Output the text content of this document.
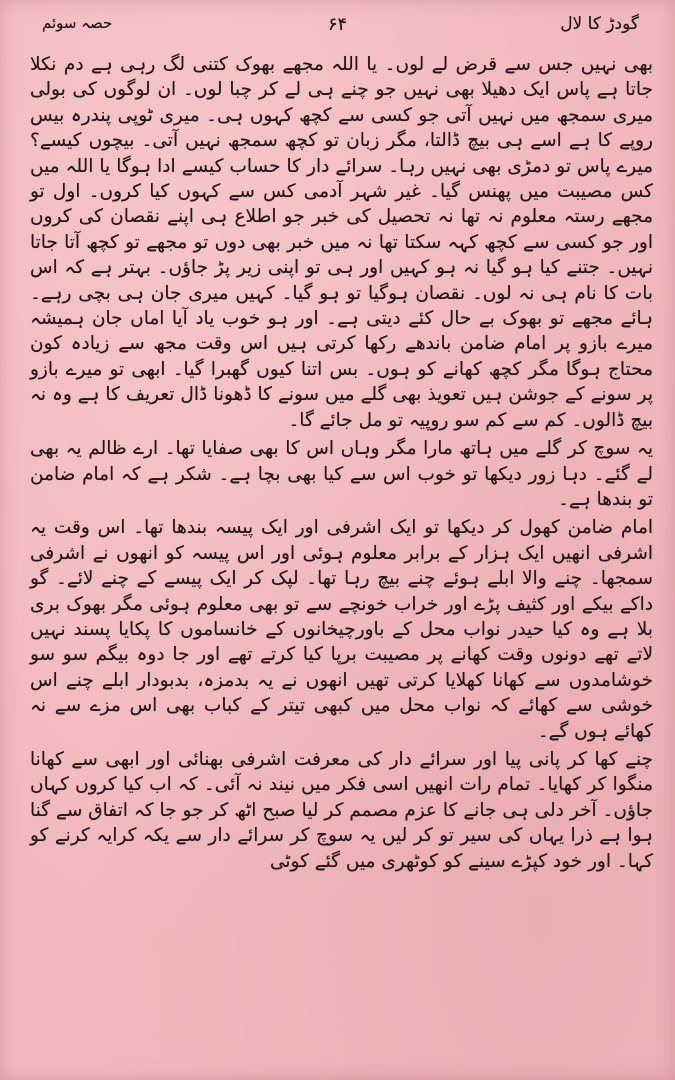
گودڑ کا لال
۶۴
حصہ سوئم

بھی نہیں جس سے قرض لے لوں۔ یا اللہ مجھے بھوک کتنی لگ رہی ہے دم نکلا جاتا ہے پاس ایک دھیلا بھی نہیں جو چنے ہی لے کر چبا لوں۔ ان لوگوں کی بولی میری سمجھ میں نہیں آتی جو کسی سے کچھ کہوں ہی۔ میری ٹوپی پندرہ بیس روپے کا ہے اسے ہی بیچ ڈالتا، مگر زبان تو کچھ سمجھ نہیں آتی۔ بیچوں کیسے؟ میرے پاس تو دمڑی بھی نہیں رہا۔ سرائے دار کا حساب کیسے ادا ہوگا یا اللہ میں کس مصیبت میں پھنس گیا۔ غیر شہر آدمی کس سے کہوں کیا کروں۔ اول تو مجھے رستہ معلوم نہ تھا نہ تحصیل کی خبر جو اطلاع ہی اپنے نقصان کی کروں اور جو کسی سے کچھ کہہ سکتا تھا نہ میں خبر بھی دوں تو مجھے تو کچھ آتا جاتا نہیں۔ جتنے کیا ہو گیا نہ ہو کہیں اور ہی تو اپنی زیر پڑ جاؤں۔ بہتر ہے کہ اس بات کا نام ہی نہ لوں۔ نقصان ہوگیا تو ہو گیا۔ کہیں میری جان ہی بچی رہے۔ ہائے مجھے تو بھوک بے حال کئے دیتی ہے۔ اور ہو خوب یاد آیا اماں جان ہمیشہ میرے بازو پر امام ضامن باندھے رکھا کرتی ہیں اس وقت مجھ سے زیادہ کون محتاج ہوگا مگر کچھ کھانے کو ہوں۔ بس اتنا کیوں گھبرا گیا۔ ابھی تو میرے بازو پر سونے کے جوشن ہیں تعویذ بھی گلے میں سونے کا ڈھونا ڈال تعریف کا ہے وہ نہ بیچ ڈالوں۔ کم سے کم سو روپیہ تو مل جائے گا۔

یہ سوچ کر گلے میں ہاتھ مارا مگر وہاں اس کا بھی صفایا تھا۔ ارے ظالم یہ بھی لے گئے۔ دہا زور دیکھا تو خوب اس سے کیا بھی بچا ہے۔ شکر ہے کہ امام ضامن تو بندھا ہے۔

امام ضامن کھول کر دیکھا تو ایک اشرفی اور ایک پیسہ بندھا تھا۔ اس وقت یہ اشرفی انھیں ایک ہزار کے برابر معلوم ہوئی اور اس پیسہ کو انھوں نے اشرفی سمجھا۔ چنے والا ابلے ہوئے چنے بیچ رہا تھا۔ لپک کر ایک پیسے کے چنے لائے۔ گو داکے بیکے اور کثیف پڑے اور خراب خونچے سے تو بھی معلوم ہوئی مگر بھوک بری بلا ہے وہ کیا حیدر نواب محل کے باورچیخانوں کے خانساموں کا پکایا پسند نہیں لاتے تھے دونوں وقت کھانے پر مصیبت برپا کیا کرتے تھے اور جا دوہ بیگم سو سو خوشامدوں سے کھانا کھلایا کرتی تھیں انھوں نے یہ بدمزہ، بدبودار ابلے چنے اس خوشی سے کھائے کہ نواب محل میں کبھی تیتر کے کباب بھی اس مزے سے نہ کھائے ہوں گے۔

چنے کھا کر پانی پیا اور سرائے دار کی معرفت اشرفی بھنائی اور ابھی سے کھانا منگوا کر کھایا۔ تمام رات انھیں اسی فکر میں نیند نہ آئی۔ کہ اب کیا کروں کہاں جاؤں۔ آخر دلی ہی جانے کا عزم مصمم کر لیا صبح اٹھ کر جو جا کہ اتفاق سے گنا ہوا ہے ذرا یہاں کی سیر تو کر لیں یہ سوچ کر سرائے دار سے یکہ کرایہ کرنے کو کہا۔ اور خود کپڑے سینے کو کوٹھری میں گئے کوٹی
